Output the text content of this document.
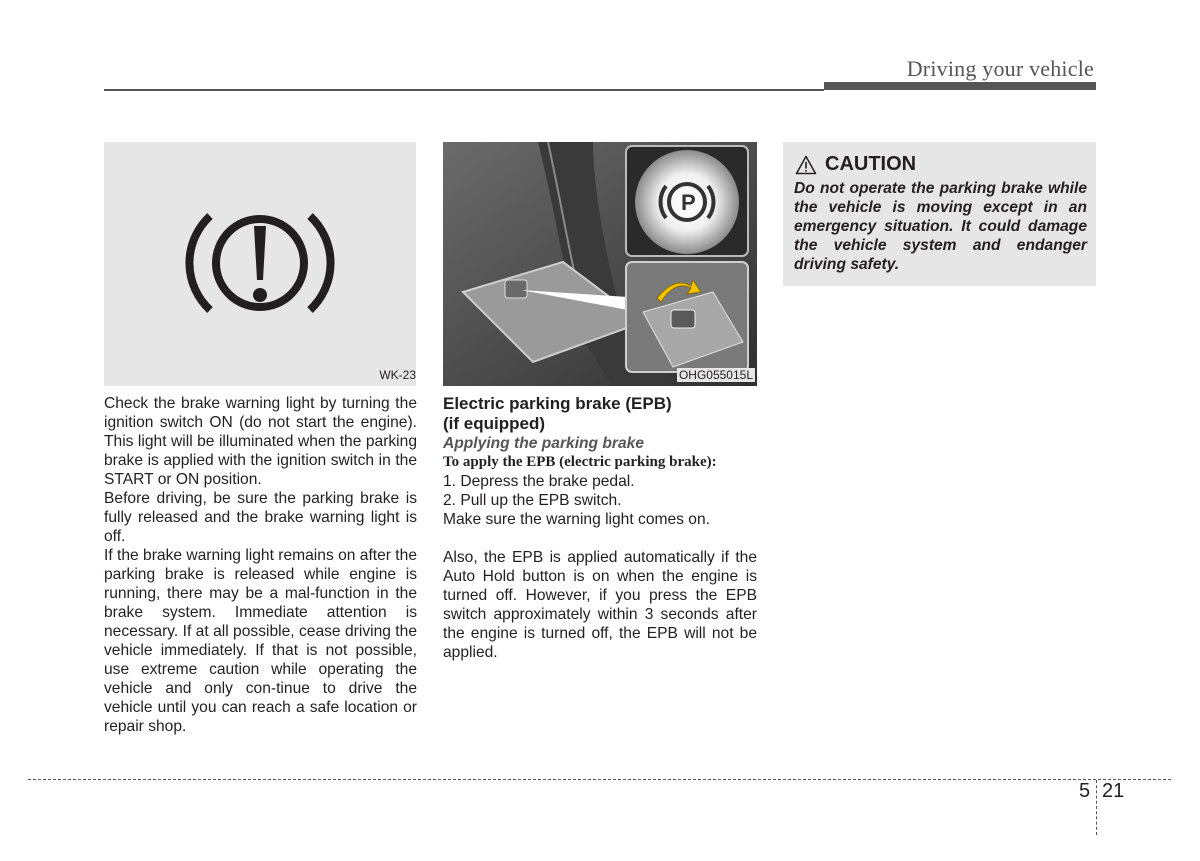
Driving your vehicle
WK-23
P
OHG055015L

Check the brake warning light by turning the ignition switch ON (do not start the engine). This light will be illuminated when the parking brake is applied with the ignition switch in the START or ON position.

Before driving, be sure the parking brake is fully released and the brake warning light is off.

If the brake warning light remains on after the parking brake is released while engine is running, there may be a mal-function in the brake system. Immediate attention is necessary. If at all possible, cease driving the vehicle immediately. If that is not possible, use extreme caution while operating the vehicle and only con-tinue to drive the vehicle until you can reach a safe location or repair shop.

Electric parking brake (EPB)

(if equipped)

Applying the parking brake

To apply the EPB (electric parking brake):

1. Depress the brake pedal.

2. Pull up the EPB switch.

Make sure the warning light comes on.

Also, the EPB is applied automatically if the Auto Hold button is on when the engine is turned off. However, if you press the EPB switch approximately within 3 seconds after the engine is turned off, the EPB will not be applied.

CAUTION
Do not operate the parking brake while the vehicle is moving except in an emergency situation. It could damage the vehicle system and endanger driving safety.
5 21
